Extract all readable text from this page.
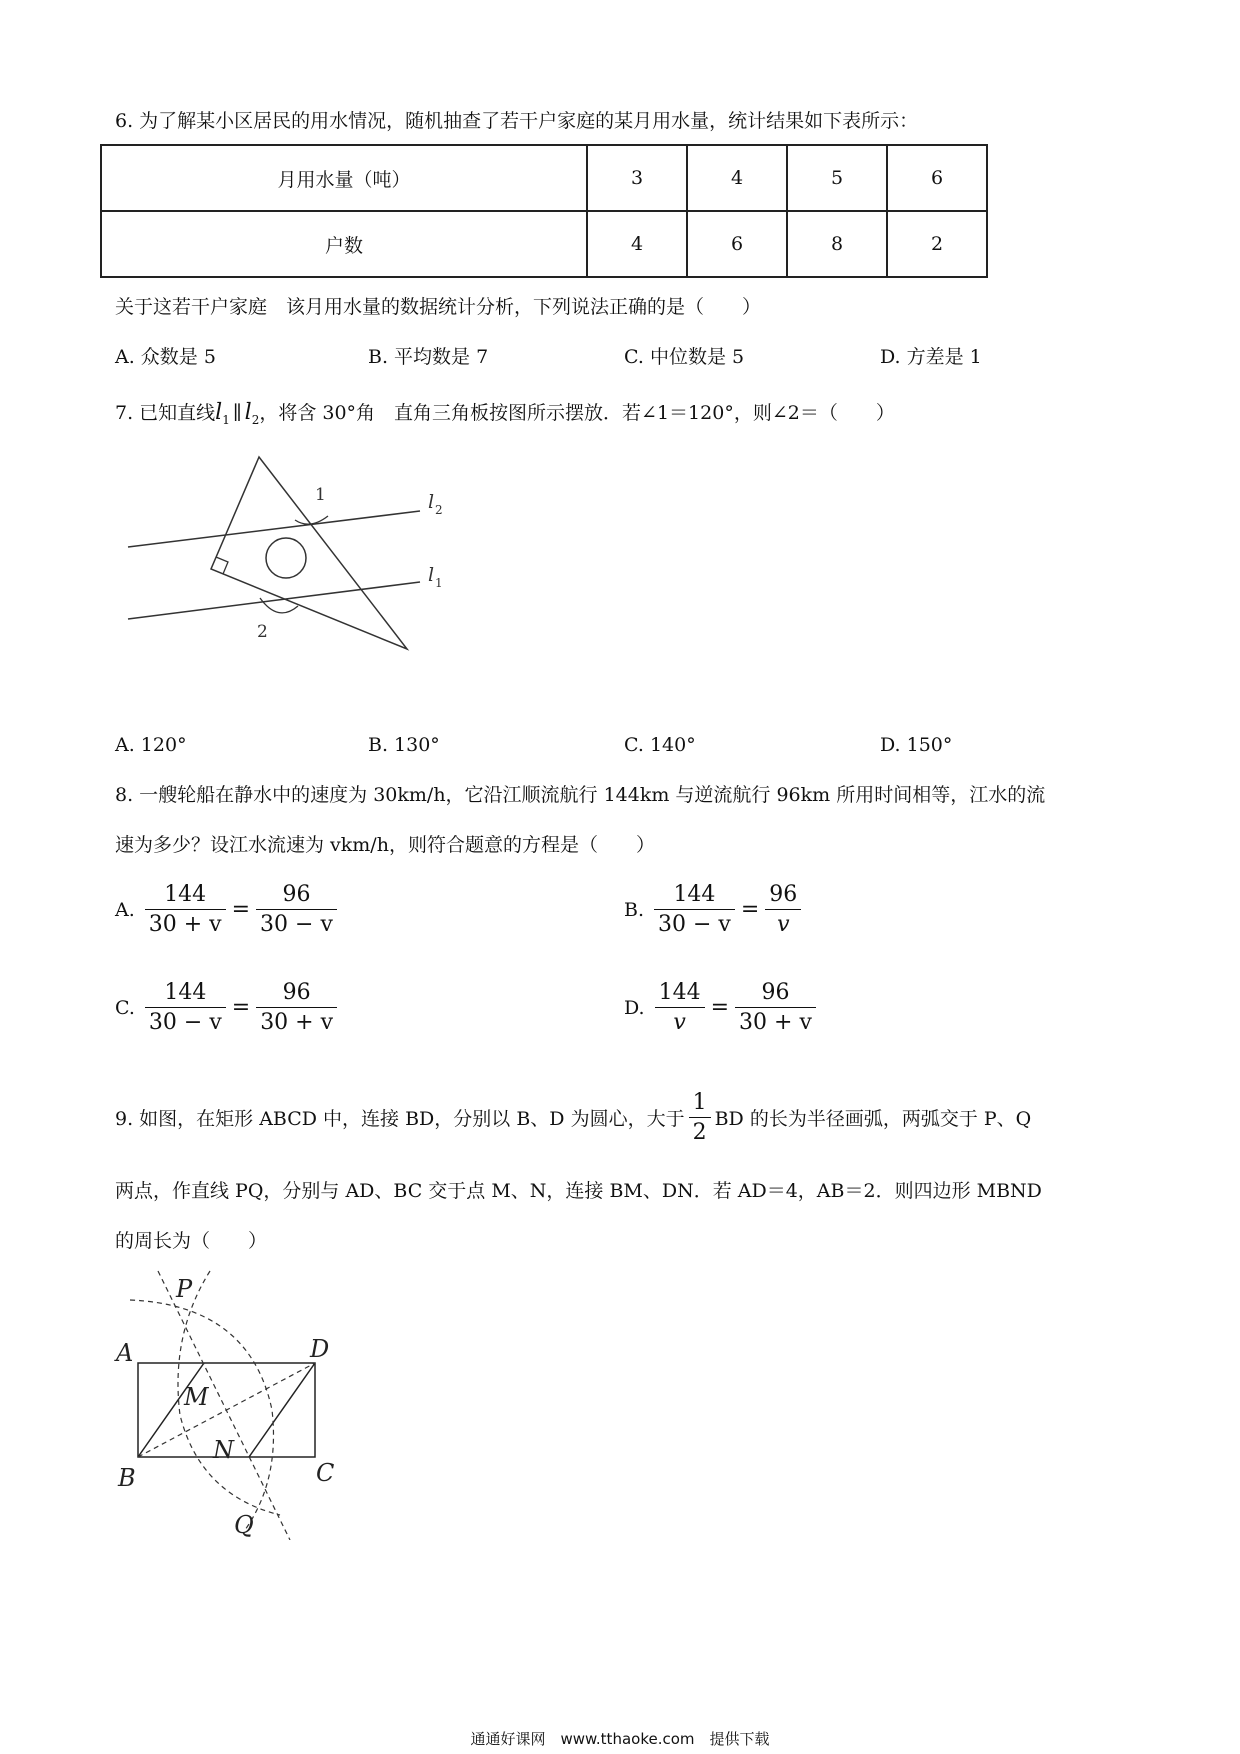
6. 为了解某小区居民的用水情况，随机抽查了若干户家庭的某月用水量，统计结果如下表所示：
月用水量（吨）	3	4	5	6
户数	4	6	8	2
关于这若干户家庭　该月用水量的数据统计分析，下列说法正确的是（　　）
A. 众数是 5	B. 平均数是 7	C. 中位数是 5	D. 方差是 1
7. 已知直线$l_1$ ∥ $l_2$，将含 30°角　直角三角板按图所示摆放．若∠1＝120°，则∠2＝（　　）
1
2
l 2
l 1
A. 120°	B. 130°	C. 140°	D. 150°
8. 一艘轮船在静水中的速度为 30km/h，它沿江顺流航行 144km 与逆流航行 96km 所用时间相等，江水的流
速为多少？设江水流速为 vkm/h，则符合题意的方程是（　　）
A. $\frac{144}{30 + v} = \frac{96}{30 - v}$	B. $\frac{144}{30 - v} = \frac{96}{v}$
C. $\frac{144}{30 - v} = \frac{96}{30 + v}$	D. $\frac{144}{v} = \frac{96}{30 + v}$
9. 如图，在矩形 ABCD 中，连接 BD，分别以 B、D 为圆心，大于 $\frac{1}{2}$ BD 的长为半径画弧，两弧交于 P、Q
两点，作直线 PQ，分别与 AD、BC 交于点 M、N，连接 BM、DN．若 AD＝4，AB＝2．则四边形 MBND
的周长为（　　）
P
A	D
M
N
B	C
Q
通通好课网　www.tthaoke.com　提供下载
